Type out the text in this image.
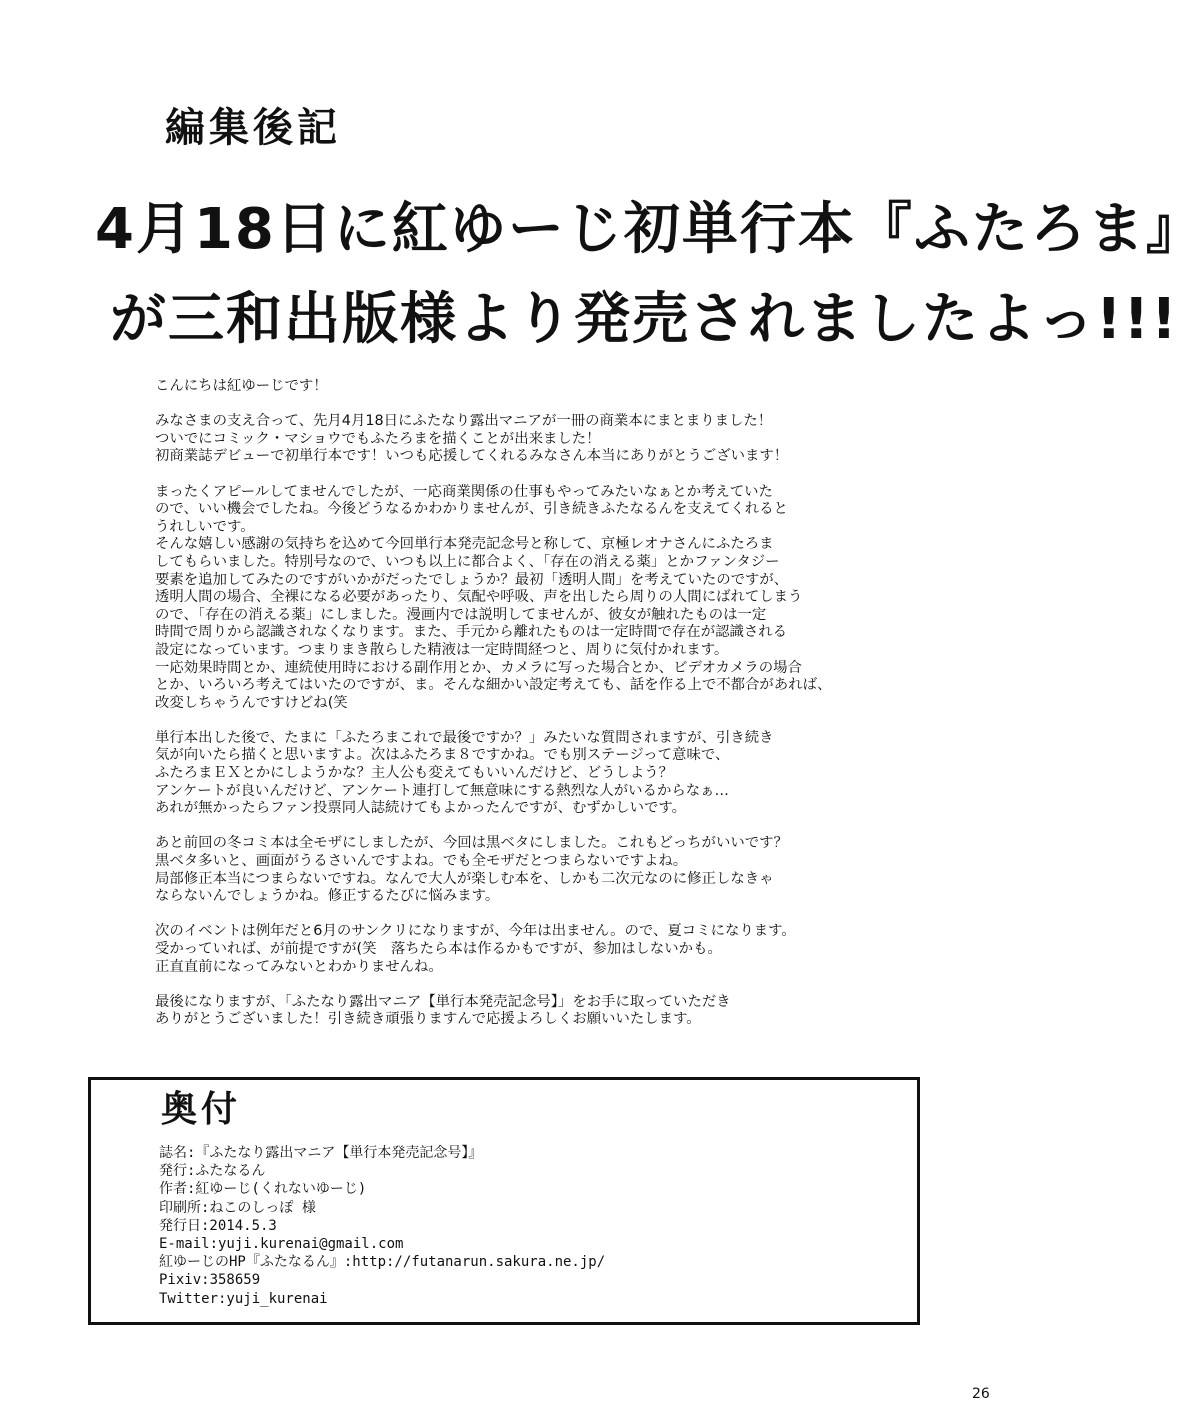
編集後記
4月18日に紅ゆーじ初単行本『ふたろま』
が三和出版様より発売されましたよっ!!!

こんにちは紅ゆーじです！

みなさまの支え合って、先月4月18日にふたなり露出マニアが一冊の商業本にまとまりました！
ついでにコミック・マショウでもふたろまを描くことが出来ました！
初商業誌デビューで初単行本です！いつも応援してくれるみなさん本当にありがとうございます！

まったくアピールしてませんでしたが、一応商業関係の仕事もやってみたいなぁとか考えていた
ので、いい機会でしたね。今後どうなるかわかりませんが、引き続きふたなるんを支えてくれると
うれしいです。
そんな嬉しい感謝の気持ちを込めて今回単行本発売記念号と称して、京極レオナさんにふたろま
してもらいました。特別号なので、いつも以上に都合よく、「存在の消える薬」とかファンタジー
要素を追加してみたのですがいかがだったでしょうか？最初「透明人間」を考えていたのですが、
透明人間の場合、全裸になる必要があったり、気配や呼吸、声を出したら周りの人間にばれてしまう
ので、「存在の消える薬」にしました。漫画内では説明してませんが、彼女が触れたものは一定
時間で周りから認識されなくなります。また、手元から離れたものは一定時間で存在が認識される
設定になっています。つまりまき散らした精液は一定時間経つと、周りに気付かれます。
一応効果時間とか、連続使用時における副作用とか、カメラに写った場合とか、ビデオカメラの場合
とか、いろいろ考えてはいたのですが、ま。そんな細かい設定考えても、話を作る上で不都合があれば、
改変しちゃうんですけどね(笑

単行本出した後で、たまに「ふたろまこれで最後ですか？」みたいな質問されますが、引き続き
気が向いたら描くと思いますよ。次はふたろま８ですかね。でも別ステージって意味で、
ふたろまＥＸとかにしようかな？主人公も変えてもいいんだけど、どうしよう？
アンケートが良いんだけど、アンケート連打して無意味にする熱烈な人がいるからなぁ…
あれが無かったらファン投票同人誌続けてもよかったんですが、むずかしいです。

あと前回の冬コミ本は全モザにしましたが、今回は黒ベタにしました。これもどっちがいいです？
黒ベタ多いと、画面がうるさいんですよね。でも全モザだとつまらないですよね。
局部修正本当につまらないですね。なんで大人が楽しむ本を、しかも二次元なのに修正しなきゃ
ならないんでしょうかね。修正するたびに悩みます。

次のイベントは例年だと6月のサンクリになりますが、今年は出ません。ので、夏コミになります。
受かっていれば、が前提ですが(笑　落ちたら本は作るかもですが、参加はしないかも。
正直直前になってみないとわかりませんね。

最後になりますが、「ふたなり露出マニア【単行本発売記念号】」をお手に取っていただき
ありがとうございました！引き続き頑張りますんで応援よろしくお願いいたします。

奥付
誌名:『ふたなり露出マニア【単行本発売記念号】』
発行:ふたなるん
作者:紅ゆーじ(くれないゆーじ)
印刷所:ねこのしっぽ 様
発行日:2014.5.3
E-mail:yuji.kurenai@gmail.com
紅ゆーじのHP『ふたなるん』:http://futanarun.sakura.ne.jp/
Pixiv:358659
Twitter:yuji_kurenai
26
